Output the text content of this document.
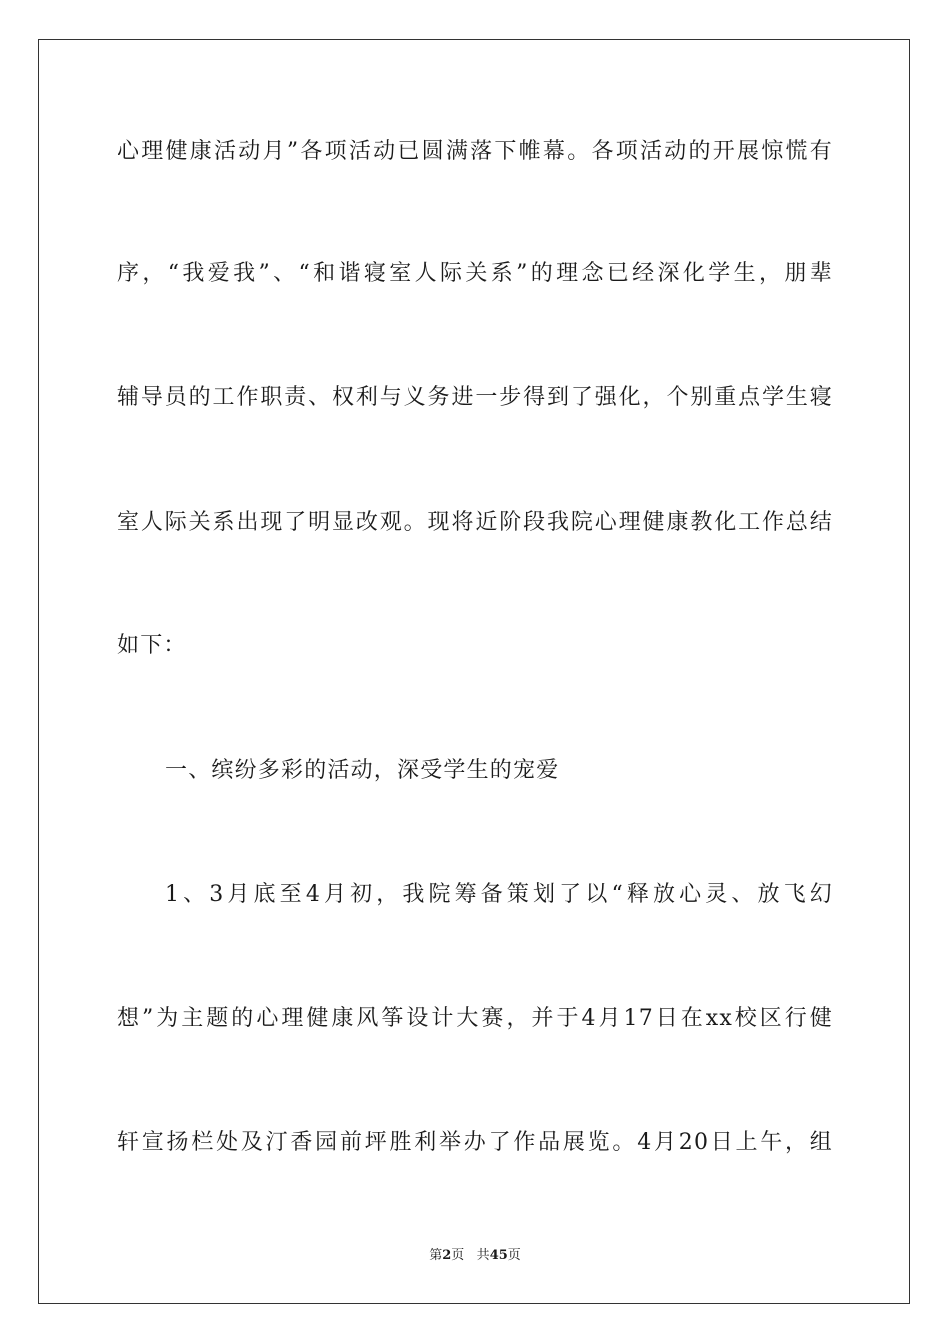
心理健康活动月”各项活动已圆满落下帷幕。各项活动的开展惊慌有
序，“我爱我”、“和谐寝室人际关系”的理念已经深化学生，朋辈
辅导员的工作职责、权利与义务进一步得到了强化，个别重点学生寝
室人际关系出现了明显改观。现将近阶段我院心理健康教化工作总结
如下：
一、缤纷多彩的活动，深受学生的宠爱
1、3月底至4月初，我院筹备策划了以“释放心灵、放飞幻
想”为主题的心理健康风筝设计大赛，并于4月17日在xx校区行健
轩宣扬栏处及汀香园前坪胜利举办了作品展览。4月20日上午，组
第2页 共45页
